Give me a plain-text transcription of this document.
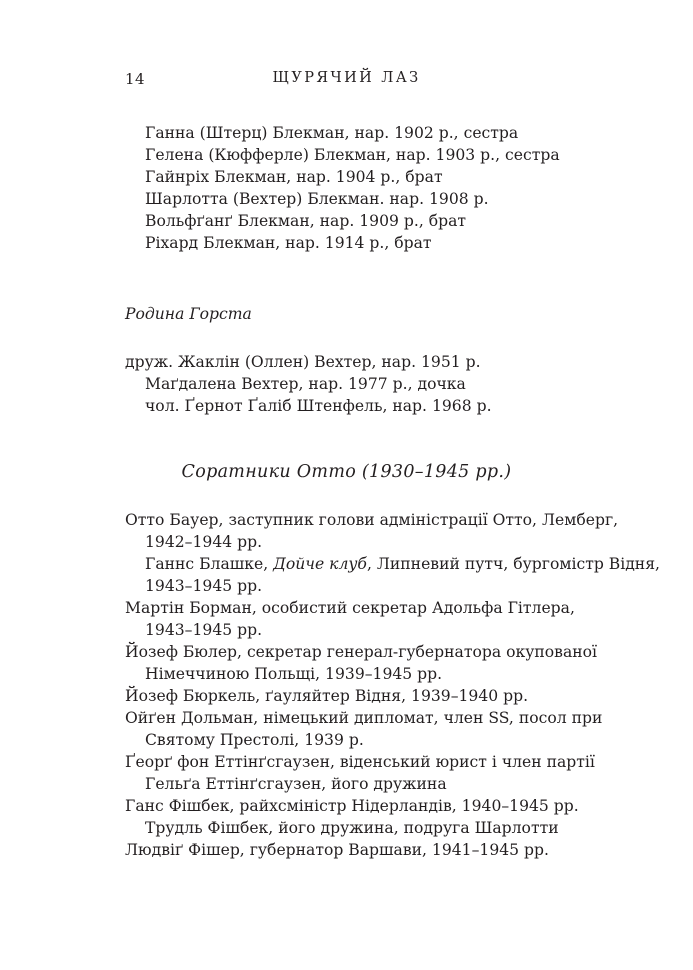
14	ЩУРЯЧИЙ ЛАЗ
Ганна (Штерц) Блекман, нар. 1902 р., сестра
Гелена (Кюфферле) Блекман, нар. 1903 р., сестра
Гайнріх Блекман, нар. 1904 р., брат
Шарлотта (Вехтер) Блекман. нар. 1908 р.
Вольфґанґ Блекман, нар. 1909 р., брат
Ріхард Блекман, нар. 1914 р., брат
Родина Горста
друж. Жаклін (Оллен) Вехтер, нар. 1951 р.
Маґдалена Вехтер, нар. 1977 р., дочка
чол. Ґернот Ґаліб Штенфель, нар. 1968 р.
Соратники Отто (1930–1945 рр.)
Отто Бауер, заступник голови адміністрації Отто, Лемберг,
1942–1944 рр.
Ганнс Блашке, Дойче клуб, Липневий путч, бургомістр Відня,
1943–1945 рр.
Мартін Борман, особистий секретар Адольфа Гітлера,
1943–1945 рр.
Йозеф Бюлер, секретар генерал-губернатора окупованої
Німеччиною Польщі, 1939–1945 рр.
Йозеф Бюркель, ґауляйтер Відня, 1939–1940 рр.
Ойґен Дольман, німецький дипломат, член SS, посол при
Святому Престолі, 1939 р.
Ґеорґ фон Еттінґсгаузен, віденський юрист і член партії
Гельґа Еттінґсгаузен, його дружина
Ганс Фішбек, райхсміністр Нідерландів, 1940–1945 рр.
Трудль Фішбек, його дружина, подруга Шарлотти
Людвіґ Фішер, губернатор Варшави, 1941–1945 рр.
